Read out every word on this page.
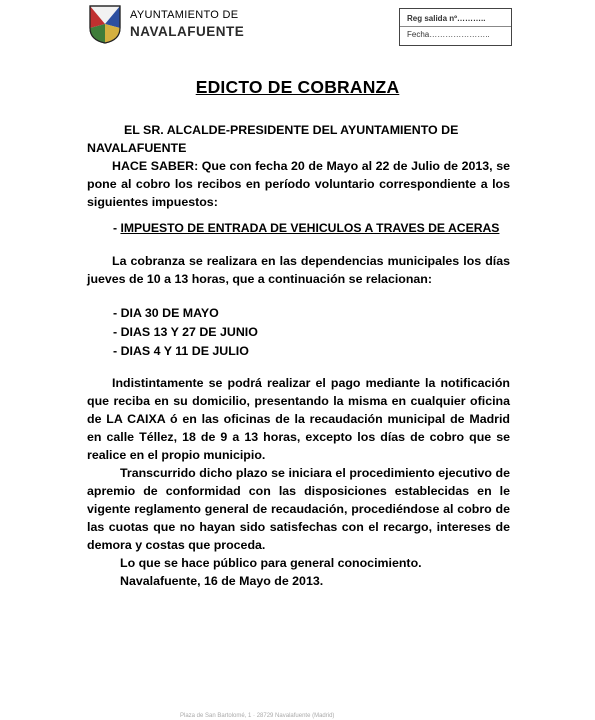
AYUNTAMIENTO DE
NAVALAFUENTE
Reg salida nº………..
Fecha…………………..
EDICTO DE COBRANZA

EL SR. ALCALDE-PRESIDENTE DEL AYUNTAMIENTO DE

NAVALAFUENTE

HACE SABER: Que con fecha 20 de Mayo al 22 de Julio de 2013, se pone al cobro los recibos en período voluntario correspondiente a los siguientes impuestos:

- IMPUESTO DE ENTRADA DE VEHICULOS A TRAVES DE ACERAS

La cobranza se realizara en las dependencias municipales los días jueves de 10 a 13 horas, que a continuación se relacionan:

- DIA 30 DE MAYO
- DIAS 13 Y 27 DE JUNIO
- DIAS 4 Y 11 DE JULIO

Indistintamente se podrá realizar el pago mediante la notificación que reciba en su domicilio, presentando la misma en cualquier oficina de LA CAIXA ó en las oficinas de la recaudación municipal de Madrid en calle Téllez, 18 de 9 a 13 horas, excepto los días de cobro que se realice en el propio municipio.

Transcurrido dicho plazo se iniciara el procedimiento ejecutivo de apremio de conformidad con las disposiciones establecidas en le vigente reglamento general de recaudación, procediéndose al cobro de las cuotas que no hayan sido satisfechas con el recargo, intereses de demora y costas que proceda.

Lo que se hace público para general conocimiento.

Navalafuente, 16 de Mayo de 2013.

Plaza de San Bartolomé, 1 · 28729 Navalafuente (Madrid)
